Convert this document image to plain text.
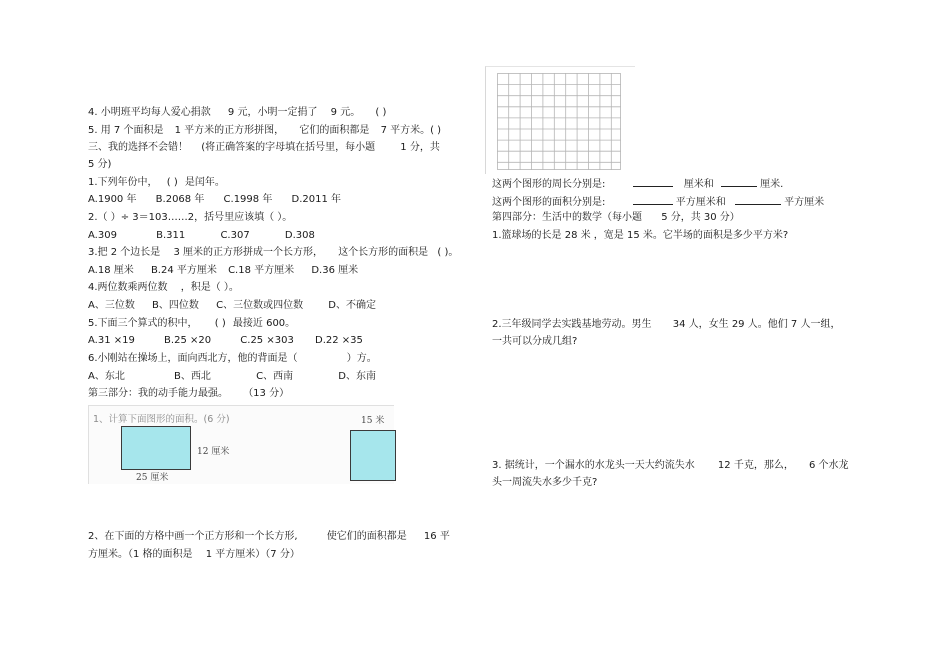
4. 小明班平均每人爱心捐款 9 元，小明一定捐了 9 元。 ( )
5. 用 7 个面积是 1 平方米的正方形拼图， 它们的面积都是 7 平方米。( )
三、我的选择不会错！ (将正确答案的字母填在括号里，每小题	1 分，共
5 分)
1.下列年份中， ( ) 是闰年。
A.1900 年 B.2068 年 C.1998 年 D.2011 年
2.（ ）÷ 3＝103……2，括号里应该填（ ）。
A.309	B.311	C.307	D.308
3.把 2 个边长是 3 厘米的正方形拼成一个长方形， 这个长方形的面积是 ( )。
A.18 厘米 B.24 平方厘米 C.18 平方厘米 D.36 厘米
4.两位数乘两位数 ，积是（ ）。
A、三位数 B、四位数 C、三位数或四位数	D、不确定
5.下面三个算式的积中， ( ) 最接近 600。
A.31 ×19	B.25 ×20	C.25 ×303 D.22 ×35
6.小刚站在操场上，面向西北方，他的背面是（	）方。
A、东北	B、西北	C、西南	D、东南
第三部分：我的动手能力最强。 （13 分）
1、计算下面图形的面积。(6 分)
12 厘米
25 厘米
15 米
2、在下面的方格中画一个正方形和一个长方形,	使它们的面积都是 16 平
方厘米。（1 格的面积是 1 平方厘米）（7 分）
这两个图形的周长分别是:	厘米和	厘米.
这两个图形的面积分别是:	平方厘米和	平方厘米
第四部分：生活中的数学（每小题 5 分，共 30 分）
1.篮球场的长是 28 米 ，宽是 15 米。它半场的面积是多少平方米?
2.三年级同学去实践基地劳动。男生 34 人，女生 29 人。他们 7 人一组，
一共可以分成几组?
3. 据统计，一个漏水的水龙头一天大约流失水 12 千克，那么， 6 个水龙
头一周流失水多少千克?
